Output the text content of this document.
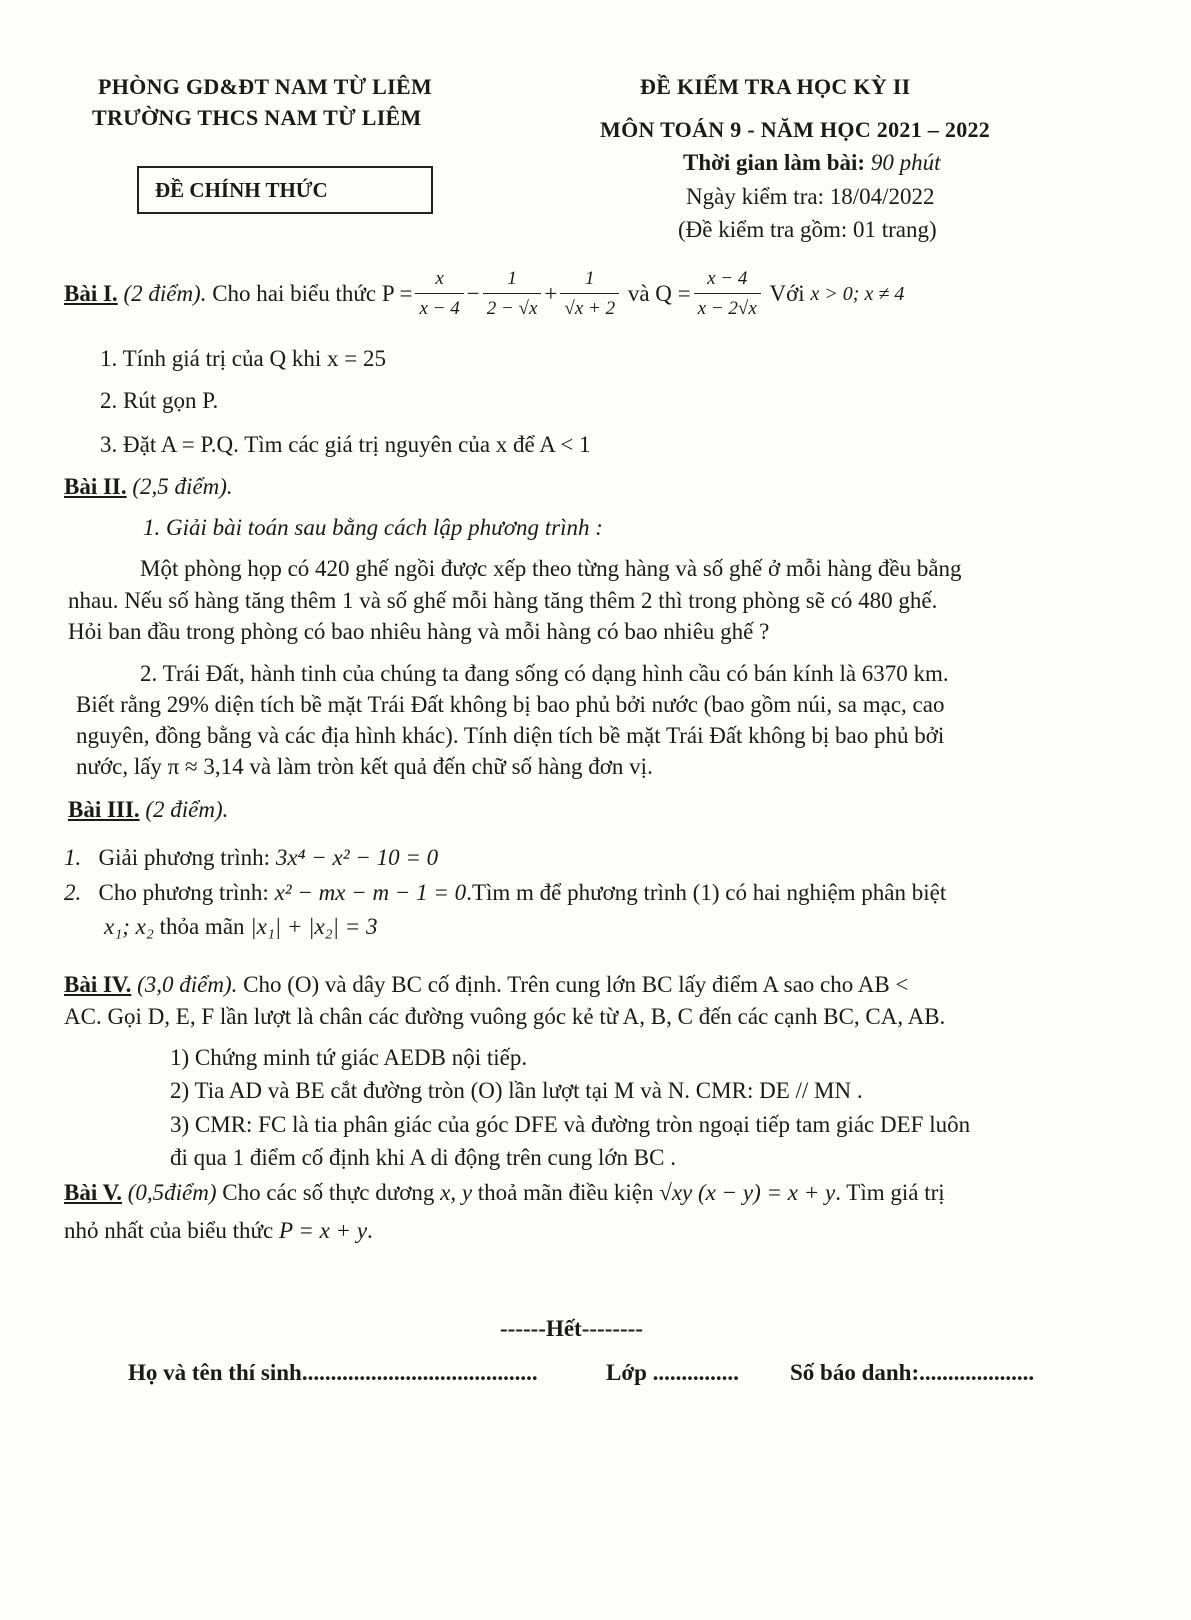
PHÒNG GD&ĐT NAM TỪ LIÊM
TRƯỜNG THCS NAM TỪ LIÊM
ĐỀ CHÍNH THỨC
ĐỀ KIỂM TRA HỌC KỲ II
MÔN TOÁN 9 - NĂM HỌC 2021 – 2022
Thời gian làm bài: 90 phút
Ngày kiểm tra: 18/04/2022
(Đề kiểm tra gồm: 01 trang)
Bài I.
(2 điểm).
Cho hai biểu thức $P = \frac{x}{x - 4} - \frac{1}{2 - √x} + \frac{1}{√x + 2}$
và $Q = \frac{x - 4}{x - 2√x}$
Với
x > 0; x ≠ 4
1. Tính giá trị của Q khi x = 25
2. Rút gọn P.
3. Đặt A = P.Q. Tìm các giá trị nguyên của x để A < 1
Bài II. (2,5 điểm).
1. Giải bài toán sau bằng cách lập phương trình :
Một phòng họp có 420 ghế ngồi được xếp theo từng hàng và số ghế ở mỗi hàng đều bằng
nhau. Nếu số hàng tăng thêm 1 và số ghế mỗi hàng tăng thêm 2 thì trong phòng sẽ có 480 ghế.
Hỏi ban đầu trong phòng có bao nhiêu hàng và mỗi hàng có bao nhiêu ghế ?
2. Trái Đất, hành tinh của chúng ta đang sống có dạng hình cầu có bán kính là 6370 km.
Biết rằng 29% diện tích bề mặt Trái Đất không bị bao phủ bởi nước (bao gồm núi, sa mạc, cao
nguyên, đồng bằng và các địa hình khác). Tính diện tích bề mặt Trái Đất không bị bao phủ bởi
nước, lấy π ≈ 3,14 và làm tròn kết quả đến chữ số hàng đơn vị.
Bài III. (2 điểm).
1. Giải phương trình: 3x⁴ − x² − 10 = 0
2. Cho phương trình: x² − mx − m − 1 = 0.Tìm m để phương trình (1) có hai nghiệm phân biệt
x₁; x₂ thỏa mãn |x₁| + |x₂| = 3
Bài IV. (3,0 điểm). Cho (O) và dây BC cố định. Trên cung lớn BC lấy điểm A sao cho AB <
AC. Gọi D, E, F lần lượt là chân các đường vuông góc kẻ từ A, B, C đến các cạnh BC, CA, AB.
1) Chứng minh tứ giác AEDB nội tiếp.
2) Tia AD và BE cắt đường tròn (O) lần lượt tại M và N. CMR: DE // MN .
3) CMR: FC là tia phân giác của góc DFE và đường tròn ngoại tiếp tam giác DEF luôn
đi qua 1 điểm cố định khi A di động trên cung lớn BC .
Bài V. (0,5điểm) Cho các số thực dương x, y thoả mãn điều kiện √xy (x − y) = x + y. Tìm giá trị
nhỏ nhất của biểu thức P = x + y.
------Hết--------
Họ và tên thí sinh.........................................	Lớp ............... Số báo danh:....................
